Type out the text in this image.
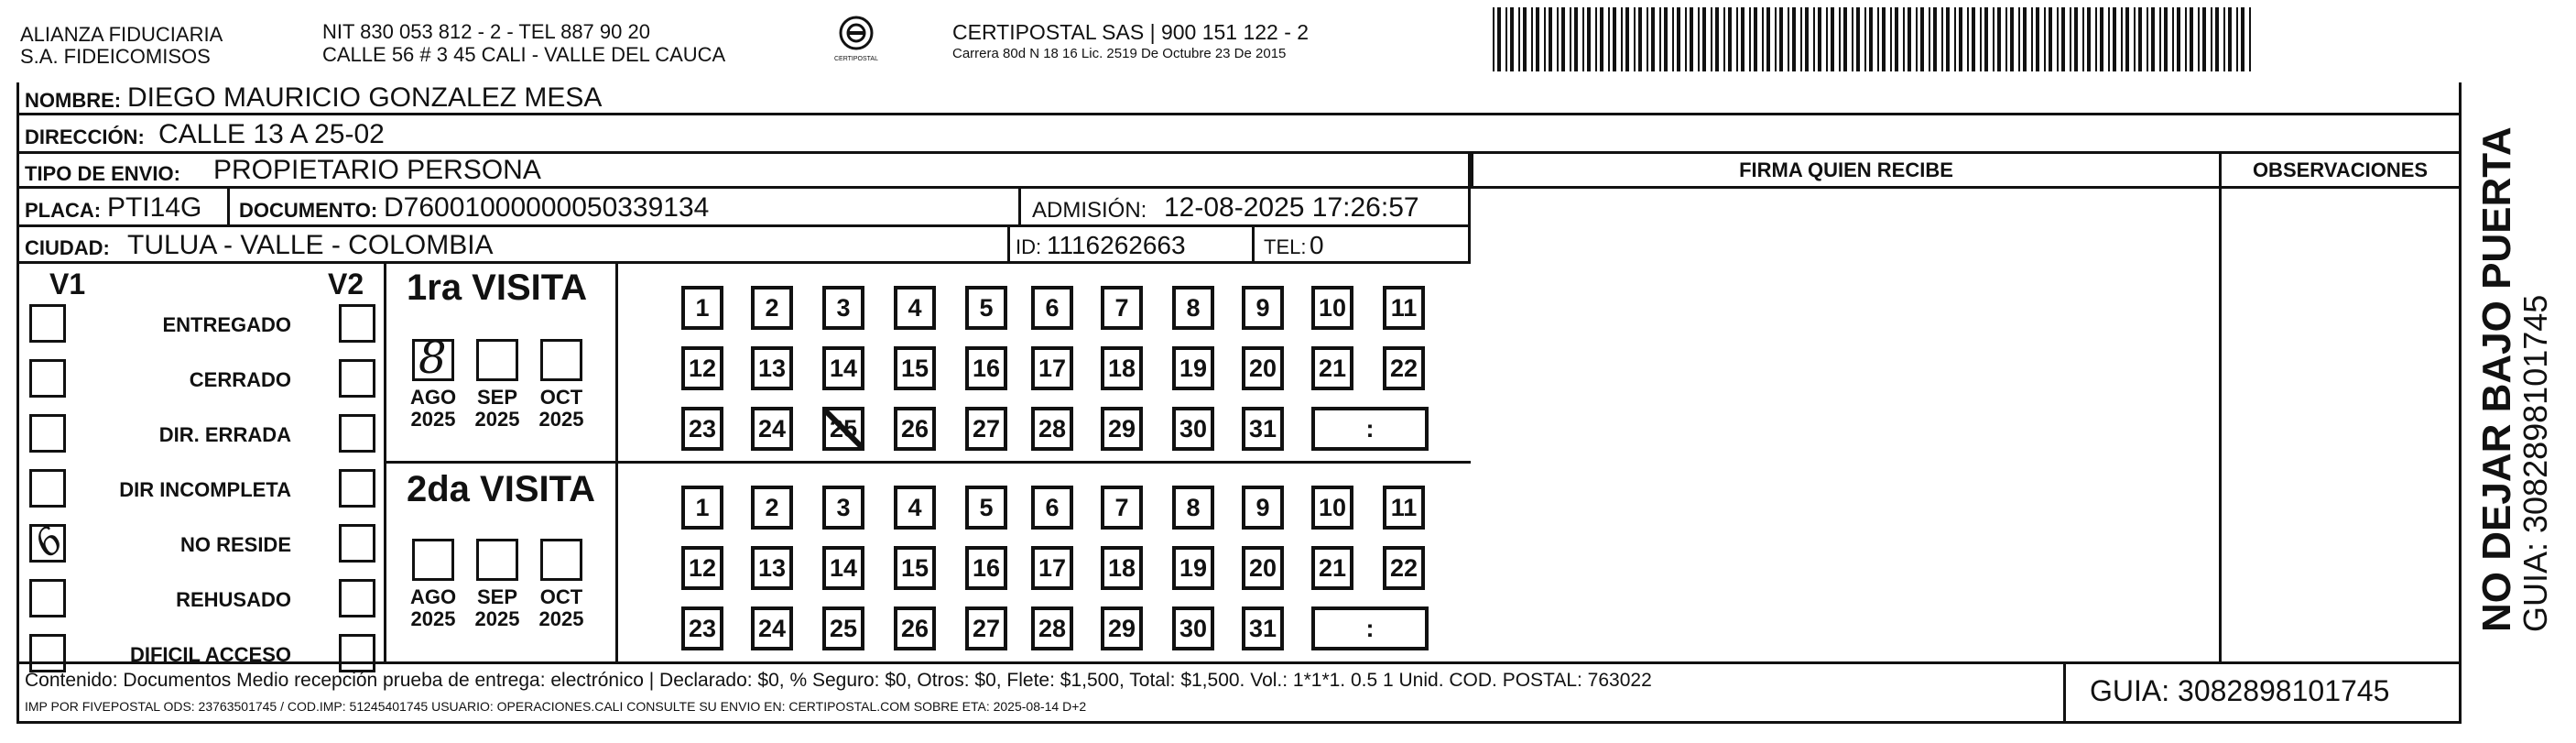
ALIANZA FIDUCIARIA
S.A. FIDEICOMISOS
NIT 830 053 812 - 2 - TEL 887 90 20
CALLE 56 # 3 45 CALI - VALLE DEL CAUCA	CERTIPOSTAL
CERTIPOSTAL SAS | 900 151 122 - 2
Carrera 80d N 18 16 Lic. 2519 De Octubre 23 De 2015
NOMBRE: DIEGO MAURICIO GONZALEZ MESA
DIRECCIÓN: CALLE 13 A 25-02
TIPO DE ENVIO: PROPIETARIO PERSONA
PLACA: PTI14G DOCUMENTO: D76001000000050339134	ADMISIÓN: 12-08-2025 17:26:57
CIUDAD: TULUA - VALLE - COLOMBIA	ID: 1116262663	TEL: 0
FIRMA QUIEN RECIBE	OBSERVACIONES
V1	V2
ENTREGADO
CERRADO
DIR. ERRADA
DIR INCOMPLETA
6	NO RESIDE
REHUSADO
DIFICIL ACCESO
1ra VISITA
2da VISITA
8
AGO
2025
SEP
2025
OCT
2025
1	2	3	4	5	6	7	8	9	10	11
12 13 14 15 16 17 18 19 20 21 22
23 24 25 26 27 28 29 30 31	:
AGO
2025
SEP
2025
OCT
2025
1	2	3	4	5	6	7	8	9	10	11
12 13 14 15 16 17 18 19 20 21 22
23 24 25 26 27 28 29 30 31	:
Contenido: Documentos Medio recepción prueba de entrega: electrónico | Declarado: $0, % Seguro: $0, Otros: $0, Flete: $1,500, Total: $1,500. Vol.: 1*1*1. 0.5 1 Unid. COD. POSTAL: 763022
IMP POR FIVEPOSTAL ODS: 23763501745 / COD.IMP: 51245401745 USUARIO: OPERACIONES.CALI CONSULTE SU ENVIO EN: CERTIPOSTAL.COM SOBRE ETA: 2025-08-14 D+2	GUIA: 3082898101745
NO DEJAR BAJO PUERTA
GUIA: 3082898101745
